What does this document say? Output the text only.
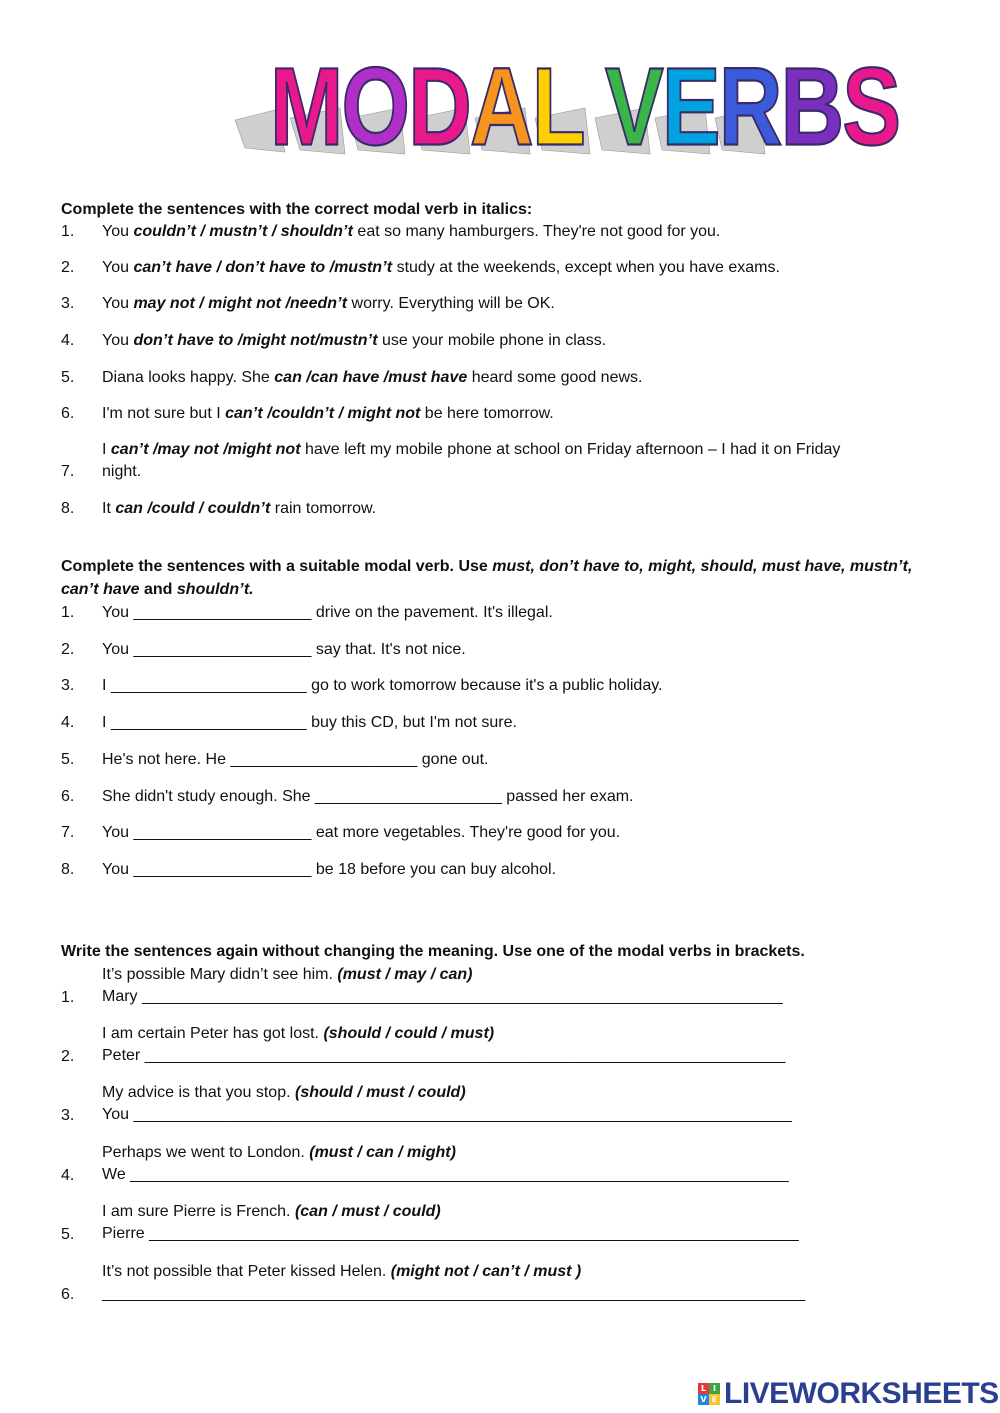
MODAL VERBS
Complete the sentences with the correct modal verb in italics:
1.	You couldn’t / mustn’t / shouldn’t eat so many hamburgers. They're not good for you.
2.	You can’t have / don’t have to /mustn’t study at the weekends, except when you have exams.
3.	You may not / might not /needn’t worry. Everything will be OK.
4.	You don’t have to /might not/mustn’t use your mobile phone in class.
5.	Diana looks happy. She can /can have /must have heard some good news.
6.	I'm not sure but I can’t /couldn’t / might not be here tomorrow.
7.
I can’t /may not /might not have left my mobile phone at school on Friday afternoon – I had it on Friday
night.
8.	It can /could / couldn’t rain tomorrow.
Complete the sentences with a suitable modal verb. Use must, don’t have to, might, should, must have, mustn’t,
can’t have and shouldn’t.
1.	You ____________________ drive on the pavement. It's illegal.
2.	You ____________________ say that. It's not nice.
3.	I ______________________ go to work tomorrow because it's a public holiday.
4.	I ______________________ buy this CD, but I'm not sure.
5.	He's not here. He _____________________ gone out.
6.	She didn't study enough. She _____________________ passed her exam.
7.	You ____________________ eat more vegetables. They're good for you.
8.	You ____________________ be 18 before you can buy alcohol.
Write the sentences again without changing the meaning. Use one of the modal verbs in brackets.
1.
It’s possible Mary didn’t see him. (must / may / can)
Mary ________________________________________________________________________
2.
I am certain Peter has got lost. (should / could / must)
Peter ________________________________________________________________________
3.
My advice is that you stop. (should / must / could)
You __________________________________________________________________________
4.
Perhaps we went to London. (must / can / might)
We __________________________________________________________________________
5.
I am sure Pierre is French. (can / must / could)
Pierre _________________________________________________________________________
6.
It’s not possible that Peter kissed Helen. (might not / can’t / must )
_______________________________________________________________________________
L I
V E LIVEWORKSHEETS
